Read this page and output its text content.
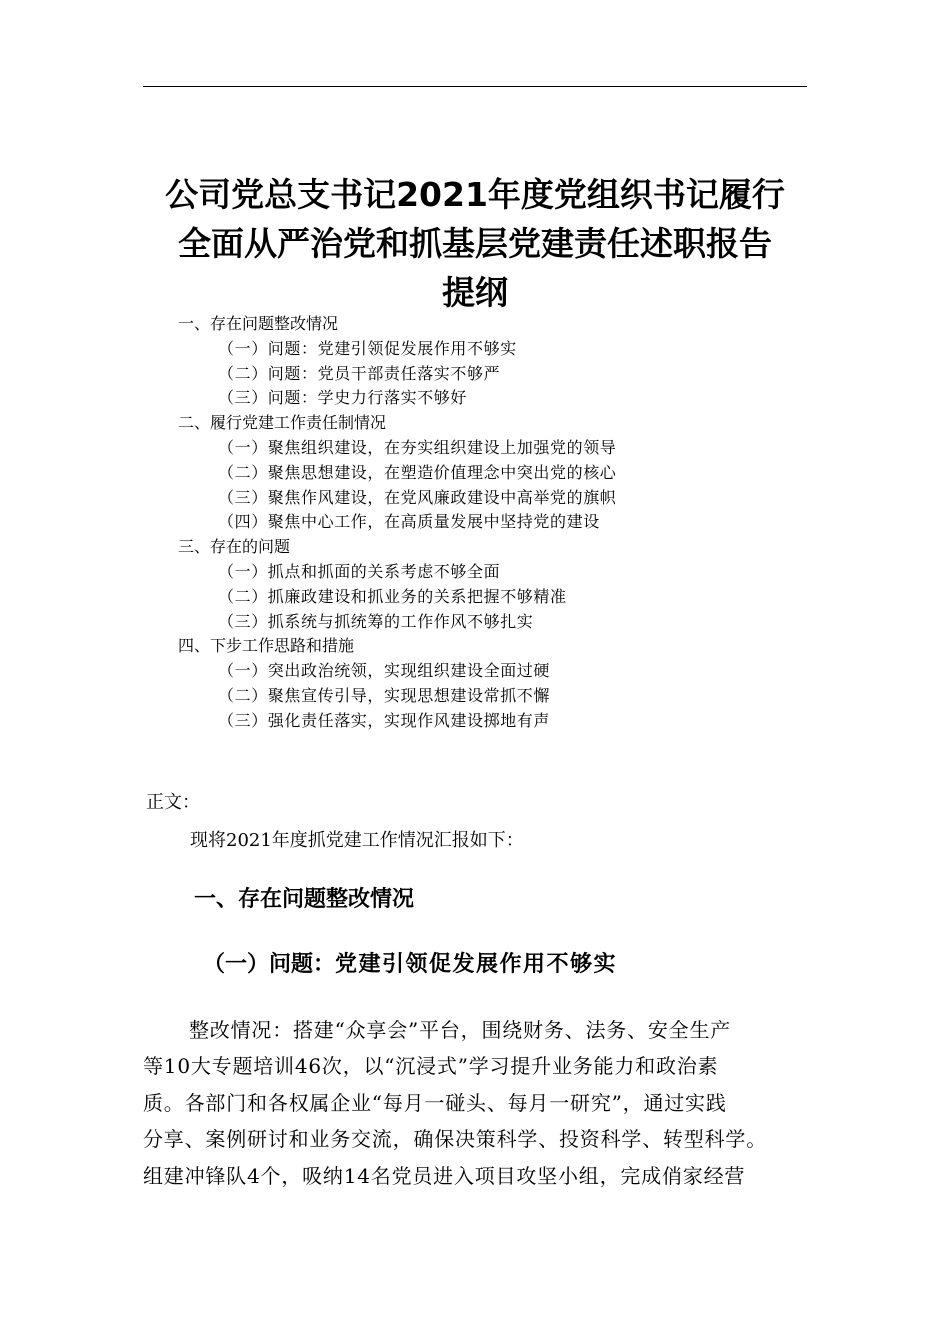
公司党总支书记2021年度党组织书记履行
全面从严治党和抓基层党建责任述职报告
提纲
一、存在问题整改情况
（一）问题：党建引领促发展作用不够实
（二）问题：党员干部责任落实不够严
（三）问题：学史力行落实不够好
二、履行党建工作责任制情况
（一）聚焦组织建设，在夯实组织建设上加强党的领导
（二）聚焦思想建设，在塑造价值理念中突出党的核心
（三）聚焦作风建设，在党风廉政建设中高举党的旗帜
（四）聚焦中心工作，在高质量发展中坚持党的建设
三、存在的问题
（一）抓点和抓面的关系考虑不够全面
（二）抓廉政建设和抓业务的关系把握不够精准
（三）抓系统与抓统筹的工作作风不够扎实
四、下步工作思路和措施
（一）突出政治统领，实现组织建设全面过硬
（二）聚焦宣传引导，实现思想建设常抓不懈
（三）强化责任落实，实现作风建设掷地有声

正文：

现将2021年度抓党建工作情况汇报如下：

一、存在问题整改情况
（一）问题：党建引领促发展作用不够实
整改情况：搭建“众享会”平台，围绕财务、法务、安全生产
等10大专题培训46次，以“沉浸式”学习提升业务能力和政治素
质。各部门和各权属企业“每月一碰头、每月一研究”，通过实践
分享、案例研讨和业务交流，确保决策科学、投资科学、转型科学。
组建冲锋队4个，吸纳14名党员进入项目攻坚小组，完成俏家经营
